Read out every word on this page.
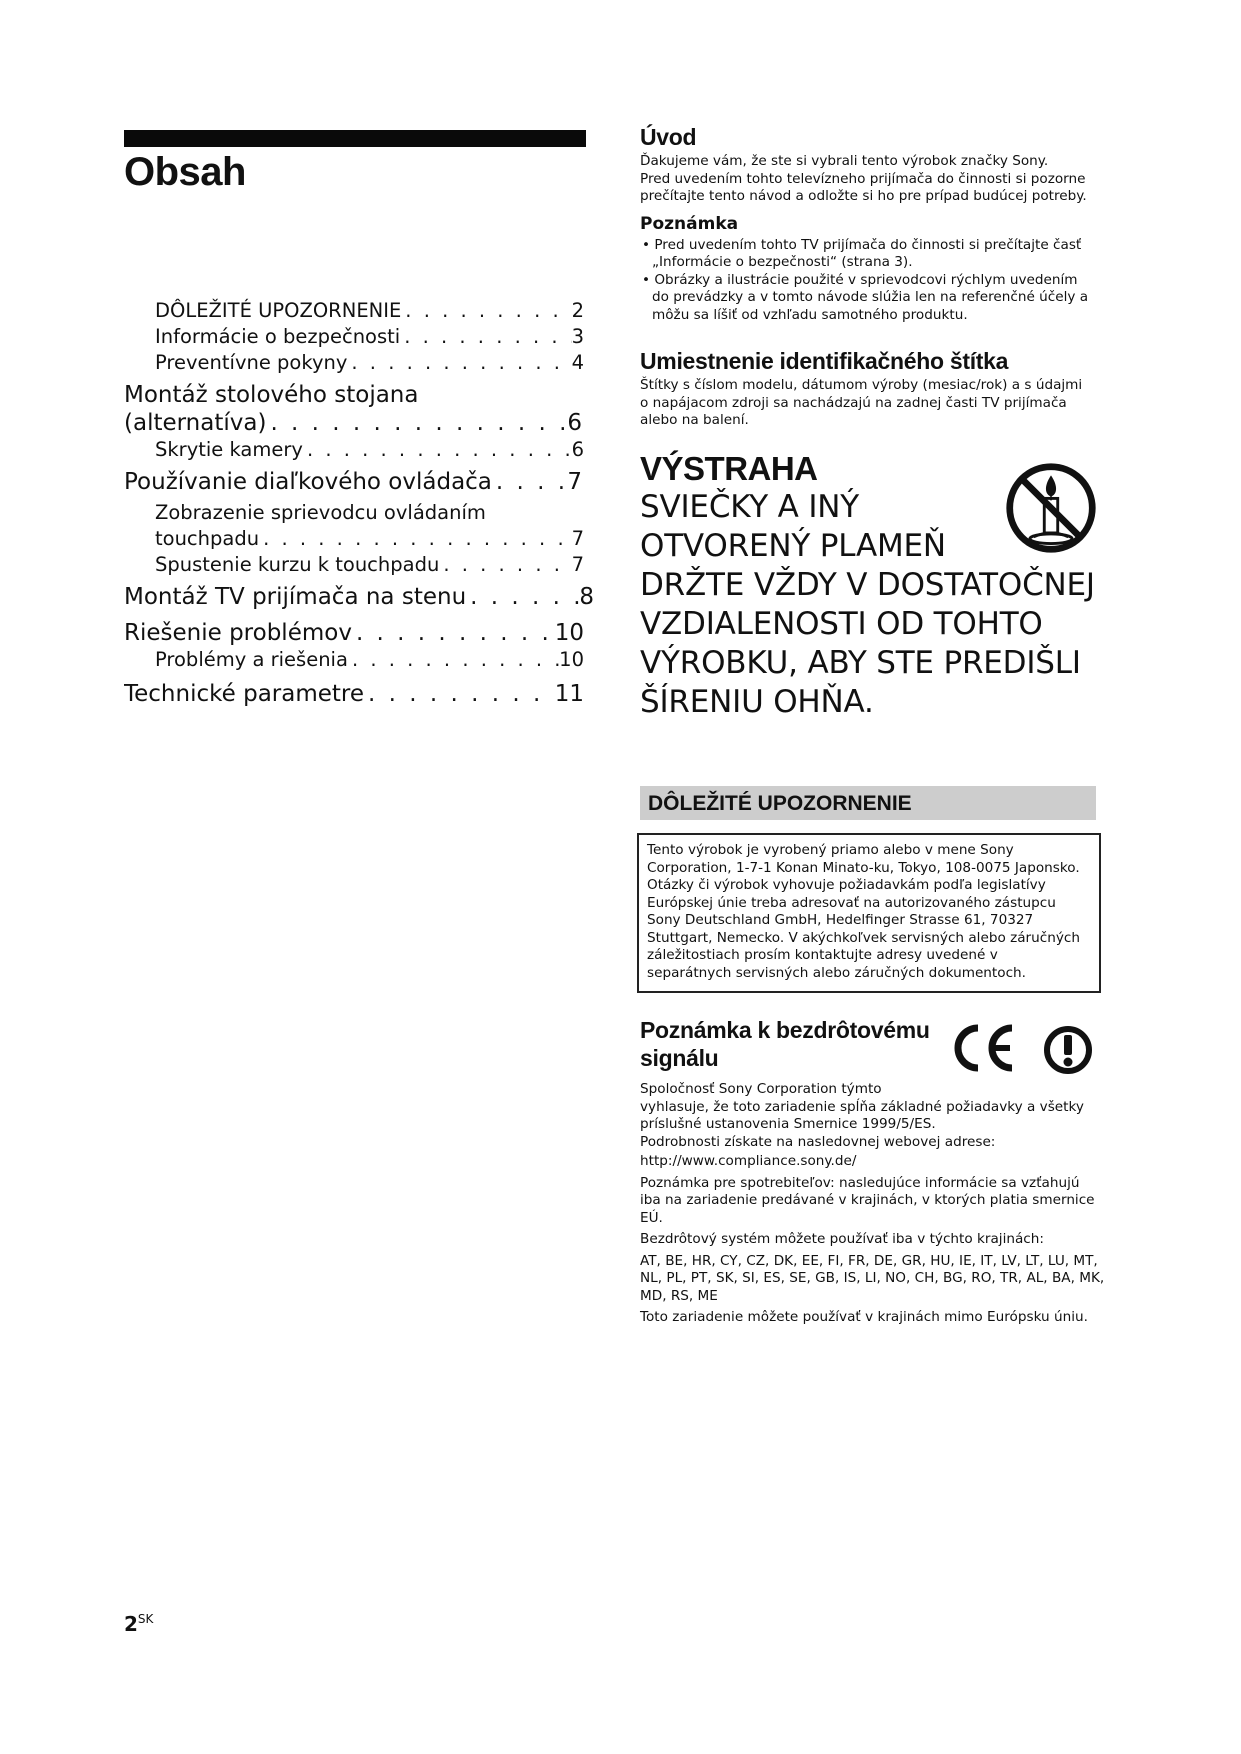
Obsah
DÔLEŽITÉ UPOZORNENIE . . .	2
Informácie o bezpečnosti . . .	3
Preventívne pokyny . . .	4
Montáž stolového stojana
(alternatíva) . . .	6
Skrytie kamery . . .	6
Používanie diaľkového ovládača . . .	7
Zobrazenie sprievodcu ovládaním
touchpadu . . .	7
Spustenie kurzu k touchpadu . . .	7
Montáž TV prijímača na stenu . . .	8
Riešenie problémov . . .	10
Problémy a riešenia . . .	10
Technické parametre . . .	11
Úvod

Ďakujeme vám, že ste si vybrali tento výrobok značky Sony.

Pred uvedením tohto televízneho prijímača do činnosti si pozorne

prečítajte tento návod a odložte si ho pre prípad budúcej potreby.

Poznámka

• Pred uvedením tohto TV prijímača do činnosti si prečítajte časť

„Informácie o bezpečnosti“ (strana 3).

• Obrázky a ilustrácie použité v sprievodcovi rýchlym uvedením

do prevádzky a v tomto návode slúžia len na referenčné účely a

môžu sa líšiť od vzhľadu samotného produktu.

Umiestnenie identifikačného štítka

Štítky s číslom modelu, dátumom výroby (mesiac/rok) a s údajmi

o napájacom zdroji sa nachádzajú na zadnej časti TV prijímača

alebo na balení.

VÝSTRAHA
SVIEČKY A INÝ
OTVORENÝ PLAMEŇ
DRŽTE VŽDY V DOSTATOČNEJ
VZDIALENOSTI OD TOHTO
VÝROBKU, ABY STE PREDIŠLI
ŠÍRENIU OHŇA.
DÔLEŽITÉ UPOZORNENIE

Tento výrobok je vyrobený priamo alebo v mene Sony

Corporation, 1-7-1 Konan Minato-ku, Tokyo, 108-0075 Japonsko.

Otázky či výrobok vyhovuje požiadavkám podľa legislatívy

Európskej únie treba adresovať na autorizovaného zástupcu

Sony Deutschland GmbH, Hedelfinger Strasse 61, 70327

Stuttgart, Nemecko. V akýchkoľvek servisných alebo záručných

záležitostiach prosím kontaktujte adresy uvedené v

separátnych servisných alebo záručných dokumentoch.

Poznámka k bezdrôtovému
signálu

Spoločnosť Sony Corporation týmto

vyhlasuje, že toto zariadenie spĺňa základné požiadavky a všetky

príslušné ustanovenia Smernice 1999/5/ES.

Podrobnosti získate na nasledovnej webovej adrese:

http://www.compliance.sony.de/

Poznámka pre spotrebiteľov: nasledujúce informácie sa vzťahujú

iba na zariadenie predávané v krajinách, v ktorých platia smernice

EÚ.

Bezdrôtový systém môžete používať iba v týchto krajinách:

AT, BE, HR, CY, CZ, DK, EE, FI, FR, DE, GR, HU, IE, IT, LV, LT, LU, MT,

NL, PL, PT, SK, SI, ES, SE, GB, IS, LI, NO, CH, BG, RO, TR, AL, BA, MK,

MD, RS, ME

Toto zariadenie môžete používať v krajinách mimo Európsku úniu.

$2^{SK}$
